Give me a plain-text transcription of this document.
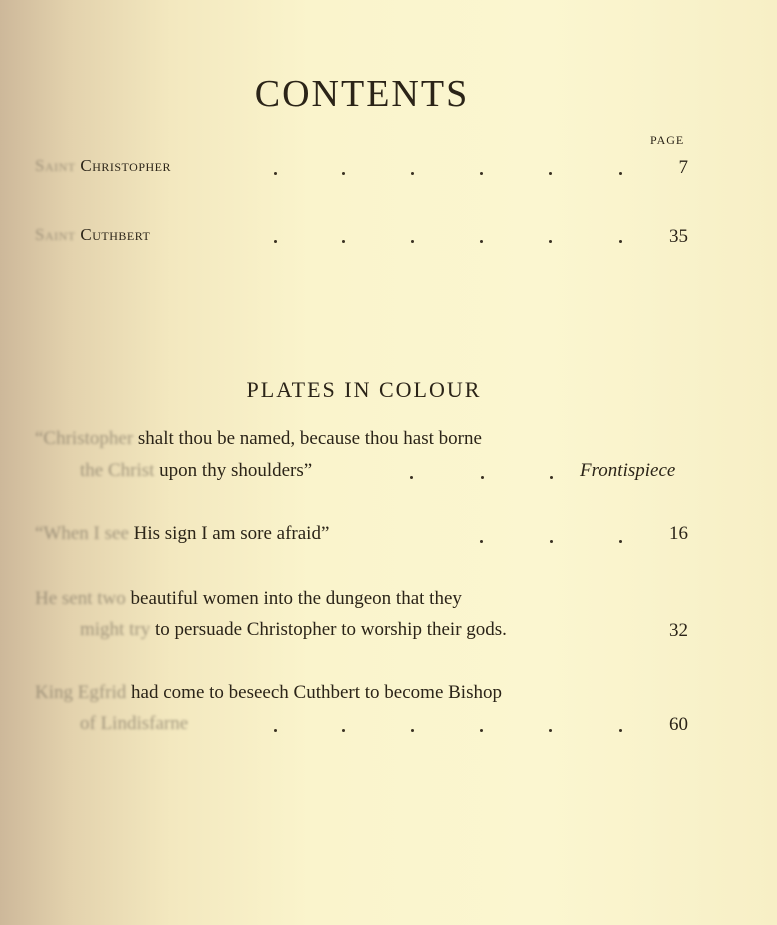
CONTENTS
PAGE
Saint Christopher	7
Saint Cuthbert	35
PLATES IN COLOUR
“Christopher shalt thou be named, because thou hast borne
the Christ upon thy shoulders”	Frontispiece
“When I see His sign I am sore afraid”	16
He sent two beautiful women into the dungeon that they
might try to persuade Christopher to worship their gods.	32
King Egfrid had come to beseech Cuthbert to become Bishop
of Lindisfarne	60
